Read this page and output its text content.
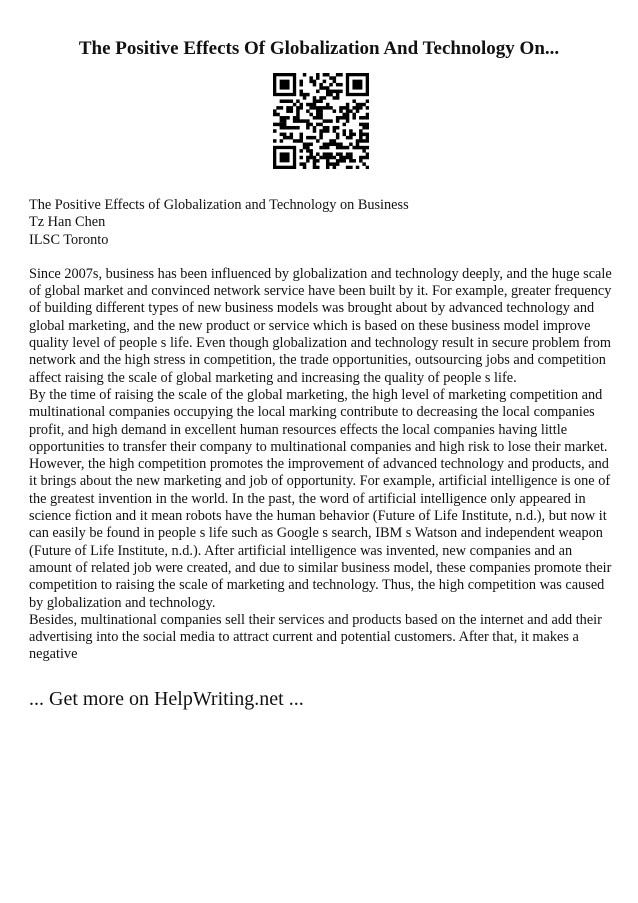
The Positive Effects Of Globalization And Technology On...

The Positive Effects of Globalization and Technology on Business

Tz Han Chen

ILSC Toronto

Since 2007s, business has been influenced by globalization and technology deeply, and the huge scale of global market and convinced network service have been built by it. For example, greater frequency of building different types of new business models was brought about by advanced technology and global marketing, and the new product or service which is based on these business model improve quality level of people s life. Even though globalization and technology result in secure problem from network and the high stress in competition, the trade opportunities, outsourcing jobs and competition affect raising the scale of global marketing and increasing the quality of people s life.

By the time of raising the scale of the global marketing, the high level of marketing competition and multinational companies occupying the local marking contribute to decreasing the local companies profit, and high demand in excellent human resources effects the local companies having little opportunities to transfer their company to multinational companies and high risk to lose their market. However, the high competition promotes the improvement of advanced technology and products, and it brings about the new marketing and job of opportunity. For example, artificial intelligence is one of the greatest invention in the world. In the past, the word of artificial intelligence only appeared in science fiction and it mean robots have the human behavior (Future of Life Institute, n.d.), but now it can easily be found in people s life such as Google s search, IBM s Watson and independent weapon (Future of Life Institute, n.d.). After artificial intelligence was invented, new companies and an amount of related job were created, and due to similar business model, these companies promote their competition to raising the scale of marketing and technology. Thus, the high competition was caused by globalization and technology.

Besides, multinational companies sell their services and products based on the internet and add their advertising into the social media to attract current and potential customers. After that, it makes a negative

... Get more on HelpWriting.net ...
